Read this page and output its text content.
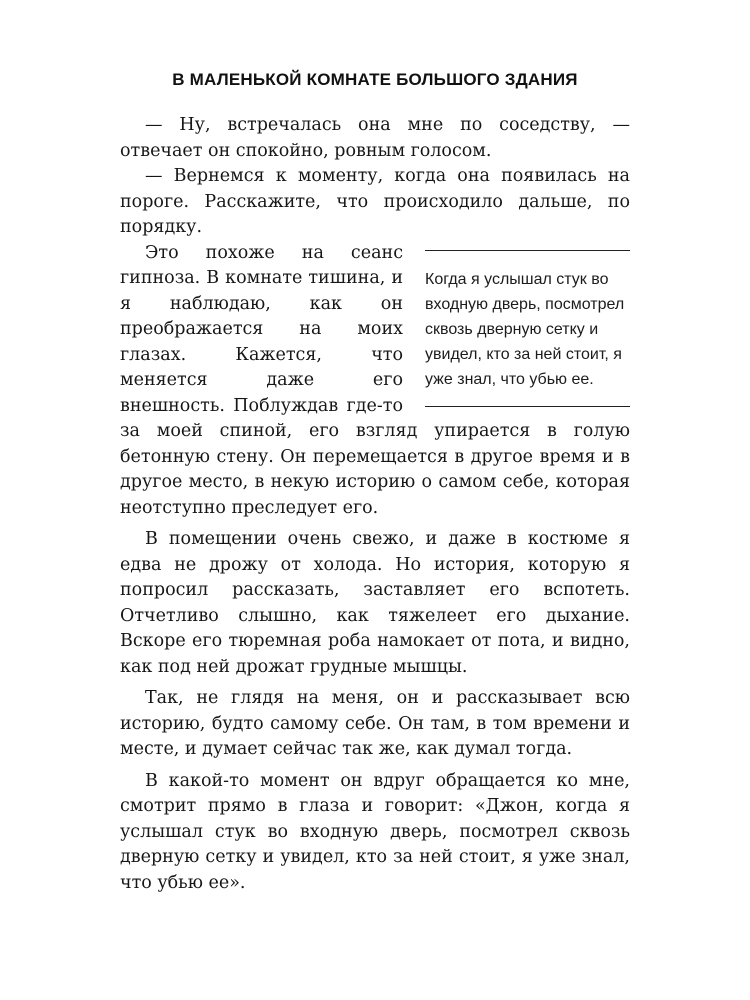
В МАЛЕНЬКОЙ КОМНАТЕ БОЛЬШОГО ЗДАНИЯ

— Ну, встречалась она мне по соседству, — отвечает он спокойно, ровным голосом.

— Вернемся к моменту, когда она появилась на пороге. Расскажите, что происходило дальше, по порядку.

Когда я услышал стук во входную дверь, посмотрел сквозь дверную сетку и увидел, кто за ней стоит, я уже знал, что убью ее.
Это похоже на сеанс гипноза. В комнате тишина, и я наблюдаю, как он преображается на моих глазах. Кажется, что меняется даже его внешность. Поблуждав где-то за моей спиной, его взгляд упирается в голую бетонную стену. Он перемещается в другое время и в другое место, в некую историю о самом себе, которая неотступно преследует его.

В помещении очень свежо, и даже в костюме я едва не дрожу от холода. Но история, которую я попросил рассказать, заставляет его вспотеть. Отчетливо слышно, как тяжелеет его дыхание. Вскоре его тюремная роба намокает от пота, и видно, как под ней дрожат грудные мышцы.

Так, не глядя на меня, он и рассказывает всю историю, будто самому себе. Он там, в том времени и месте, и думает сейчас так же, как думал тогда.

В какой-то момент он вдруг обращается ко мне, смотрит прямо в глаза и говорит: «Джон, когда я услышал стук во входную дверь, посмотрел сквозь дверную сетку и увидел, кто за ней стоит, я уже знал, что убью ее».
